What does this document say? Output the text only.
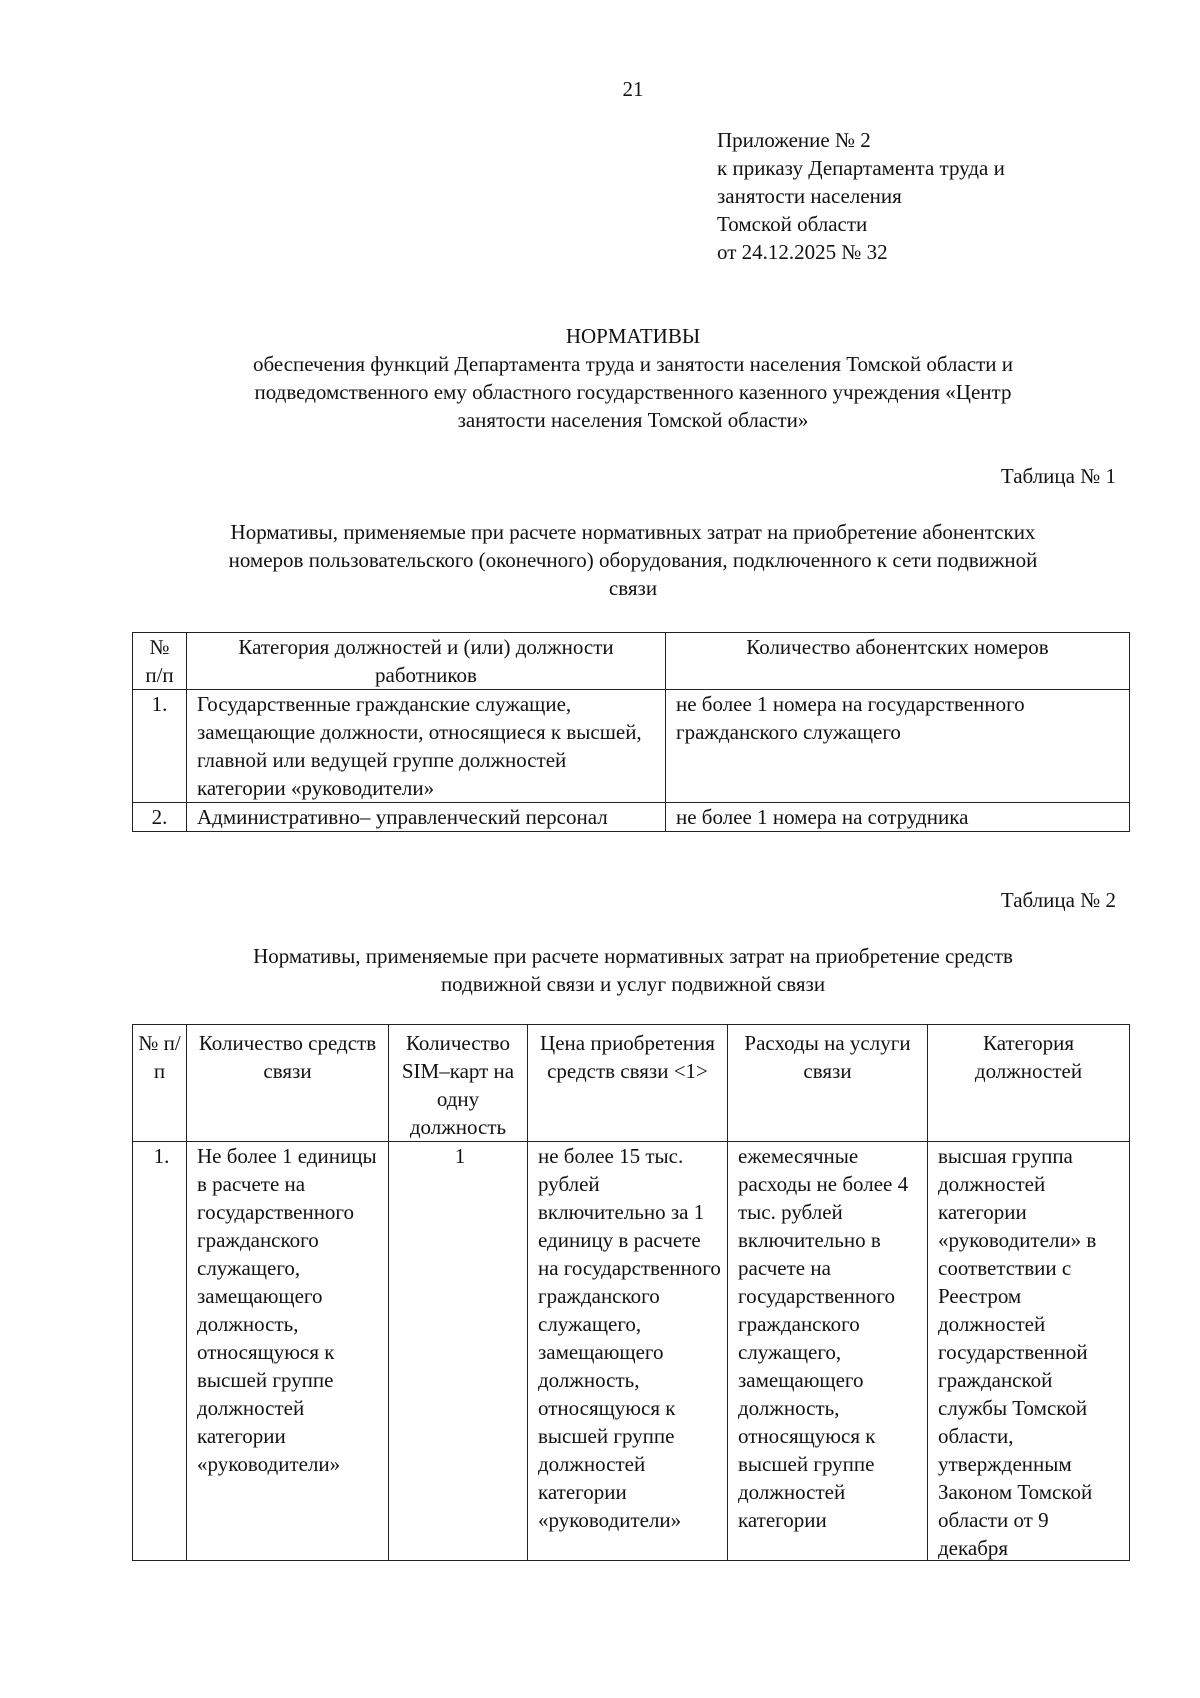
21
Приложение № 2
к приказу Департамента труда и
занятости населения
Томской области
от 24.12.2025 № 32
НОРМАТИВЫ
обеспечения функций Департамента труда и занятости населения Томской области и
подведомственного ему областного государственного казенного учреждения «Центр
занятости населения Томской области»
Таблица № 1
Нормативы, применяемые при расчете нормативных затрат на приобретение абонентских
номеров пользовательского (оконечного) оборудования, подключенного к сети подвижной
связи
№ п/п	Категория должностей и (или) должности работников	Количество абонентских номеров
1.	Государственные гражданские служащие, замещающие должности, относящиеся к высшей, главной или ведущей группе должностей категории «руководители»	не более 1 номера на государственного гражданского служащего
2.	Административно– управленческий персонал	не более 1 номера на сотрудника
Таблица № 2
Нормативы, применяемые при расчете нормативных затрат на приобретение средств
подвижной связи и услуг подвижной связи
№ п/п	Количество средств связи	Количество SIM–карт на одну должность	Цена приобретения средств связи <1>	Расходы на услуги связи	Категория должностей

1.	Не более 1 единицы в расчете на государственного гражданского служащего, замещающего должность, относящуюся к высшей группе должностей категории «руководители»	1	не более 15 тыс. рублей включительно за 1 единицу в расчете на государственного гражданского служащего, замещающего должность, относящуюся к высшей группе должностей категории «руководители»	ежемесячные расходы не более 4 тыс. рублей включительно в расчете на государственного гражданского служащего, замещающего должность, относящуюся к высшей группе должностей категории	высшая группа должностей категории «руководители» в соответствии с Реестром должностей государственной гражданской службы Томской области, утвержденным Законом Томской области от 9 декабря
